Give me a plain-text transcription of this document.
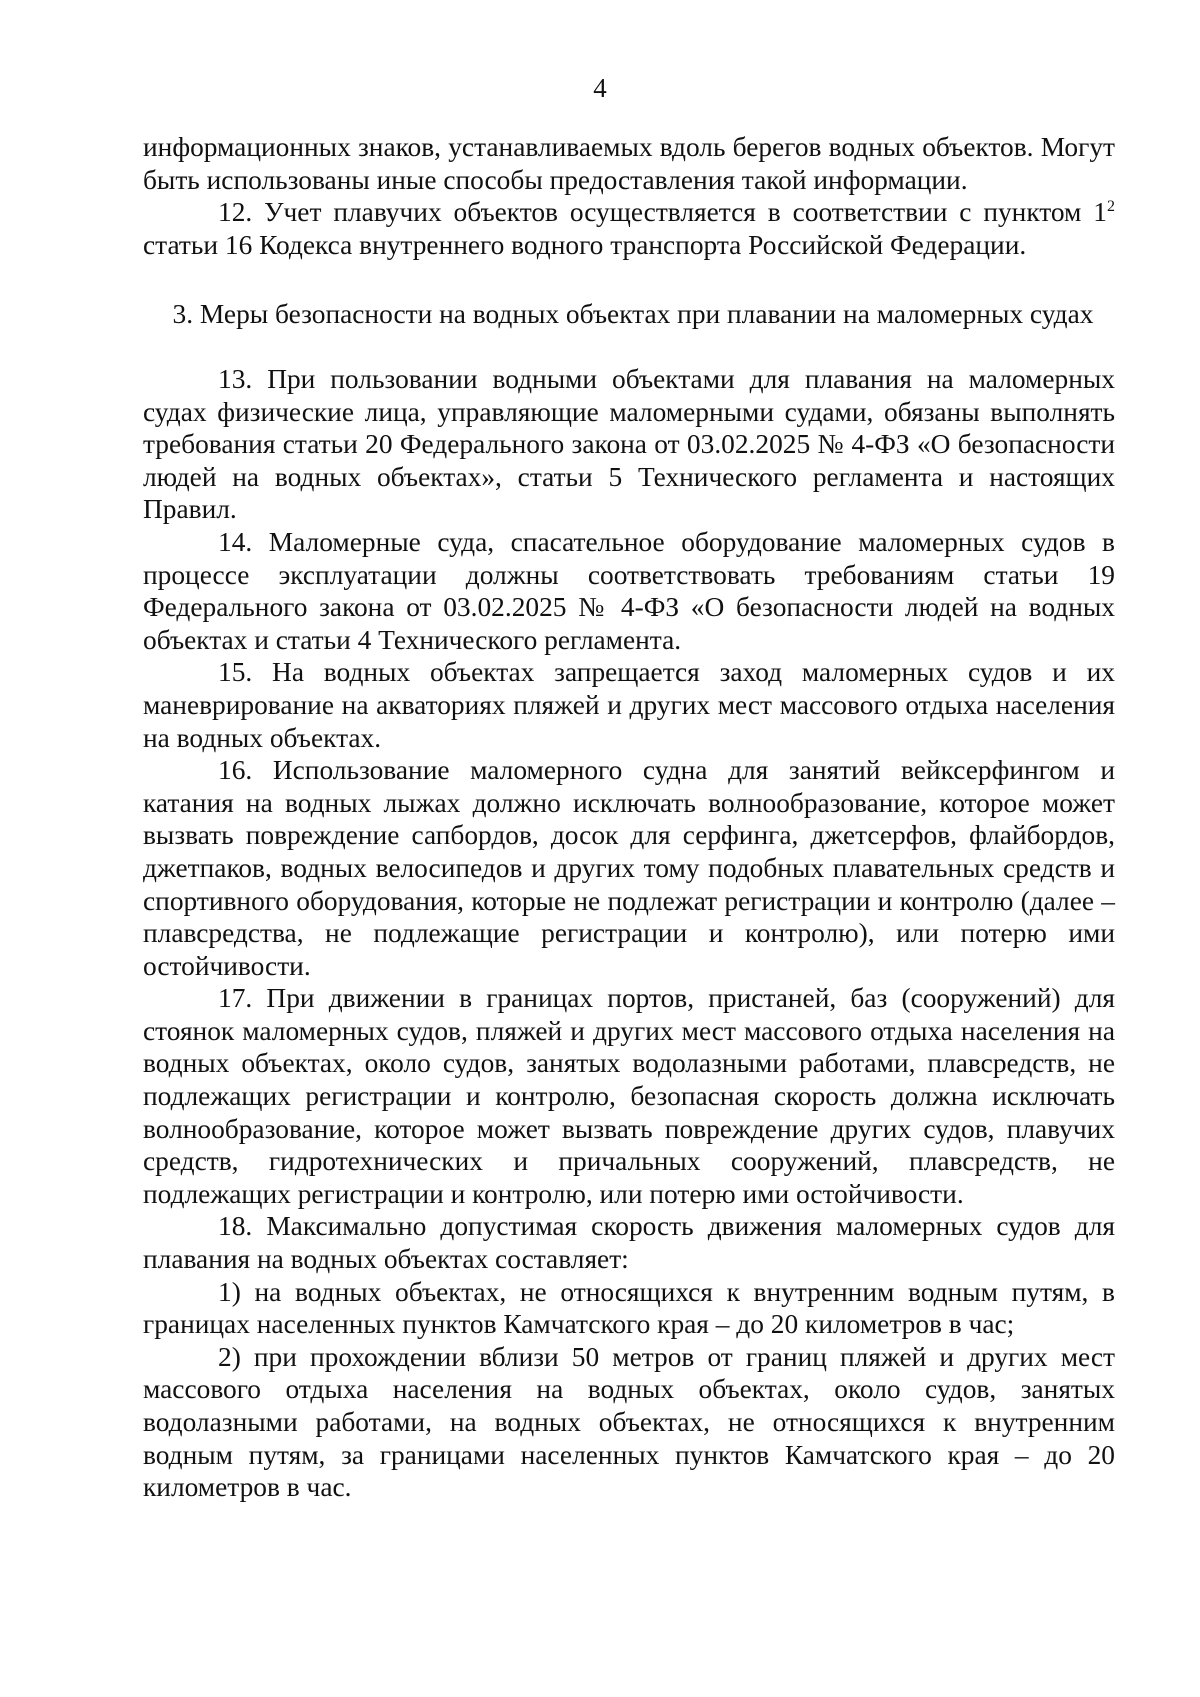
4

информационных знаков, устанавливаемых вдоль берегов водных объектов. Могут быть использованы иные способы предоставления такой информации.

12. Учет плавучих объектов осуществляется в соответствии с пунктом $1^2$ статьи 16 Кодекса внутреннего водного транспорта Российской Федерации.

3. Меры безопасности на водных объектах при плавании на маломерных судах

13. При пользовании водными объектами для плавания на маломерных судах физические лица, управляющие маломерными судами, обязаны выполнять требования статьи 20 Федерального закона от 03.02.2025 № 4-ФЗ «О безопасности людей на водных объектах», статьи 5 Технического регламента и настоящих Правил.

14. Маломерные суда, спасательное оборудование маломерных судов в процессе эксплуатации должны соответствовать требованиям статьи 19 Федерального закона от 03.02.2025 № 4-ФЗ «О безопасности людей на водных объектах и статьи 4 Технического регламента.

15. На водных объектах запрещается заход маломерных судов и их маневрирование на акваториях пляжей и других мест массового отдыха населения на водных объектах.

16. Использование маломерного судна для занятий вейксерфингом и катания на водных лыжах должно исключать волнообразование, которое может вызвать повреждение сапбордов, досок для серфинга, джетсерфов, флайбордов, джетпаков, водных велосипедов и других тому подобных плавательных средств и спортивного оборудования, которые не подлежат регистрации и контролю (далее – плавсредства, не подлежащие регистрации и контролю), или потерю ими остойчивости.

17. При движении в границах портов, пристаней, баз (сооружений) для стоянок маломерных судов, пляжей и других мест массового отдыха населения на водных объектах, около судов, занятых водолазными работами, плавсредств, не подлежащих регистрации и контролю, безопасная скорость должна исключать волнообразование, которое может вызвать повреждение других судов, плавучих средств, гидротехнических и причальных сооружений, плавсредств, не подлежащих регистрации и контролю, или потерю ими остойчивости.

18. Максимально допустимая скорость движения маломерных судов для плавания на водных объектах составляет:

1) на водных объектах, не относящихся к внутренним водным путям, в границах населенных пунктов Камчатского края – до 20 километров в час;

2) при прохождении вблизи 50 метров от границ пляжей и других мест массового отдыха населения на водных объектах, около судов, занятых водолазными работами, на водных объектах, не относящихся к внутренним водным путям, за границами населенных пунктов Камчатского края – до 20 километров в час.
